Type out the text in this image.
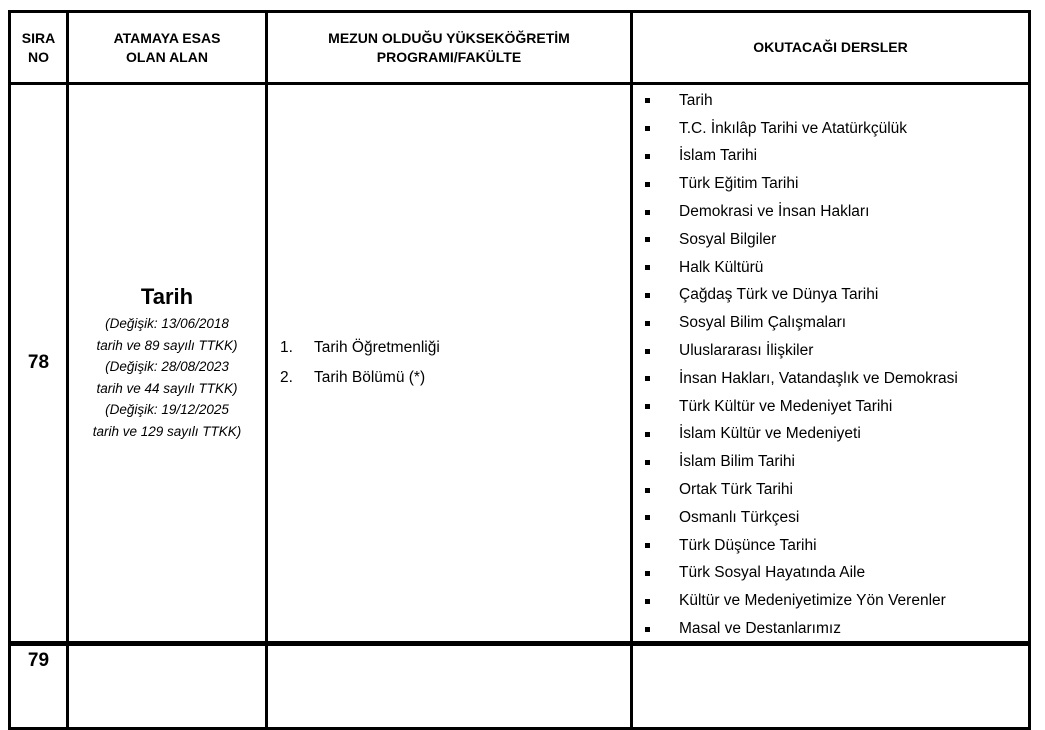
SIRA NO
ATAMAYA ESAS OLAN ALAN
MEZUN OLDUĞU YÜKSEKÖĞRETİM PROGRAMI/FAKÜLTE
OKUTACAĞI DERSLER
78
Tarih
(Değişik: 13/06/2018 tarih ve 89 sayılı TTKK)
(Değişik: 28/08/2023 tarih ve 44 sayılı TTKK)
(Değişik: 19/12/2025 tarih ve 129 sayılı TTKK)
1.	Tarih Öğretmenliği
2.	Tarih Bölümü (*)
Tarih
T.C. İnkılâp Tarihi ve Atatürkçülük
İslam Tarihi
Türk Eğitim Tarihi
Demokrasi ve İnsan Hakları
Sosyal Bilgiler
Halk Kültürü
Çağdaş Türk ve Dünya Tarihi
Sosyal Bilim Çalışmaları
Uluslararası İlişkiler
İnsan Hakları, Vatandaşlık ve Demokrasi
Türk Kültür ve Medeniyet Tarihi
İslam Kültür ve Medeniyeti
İslam Bilim Tarihi
Ortak Türk Tarihi
Osmanlı Türkçesi
Türk Düşünce Tarihi
Türk Sosyal Hayatında Aile
Kültür ve Medeniyetimize Yön Verenler
Masal ve Destanlarımız
79
